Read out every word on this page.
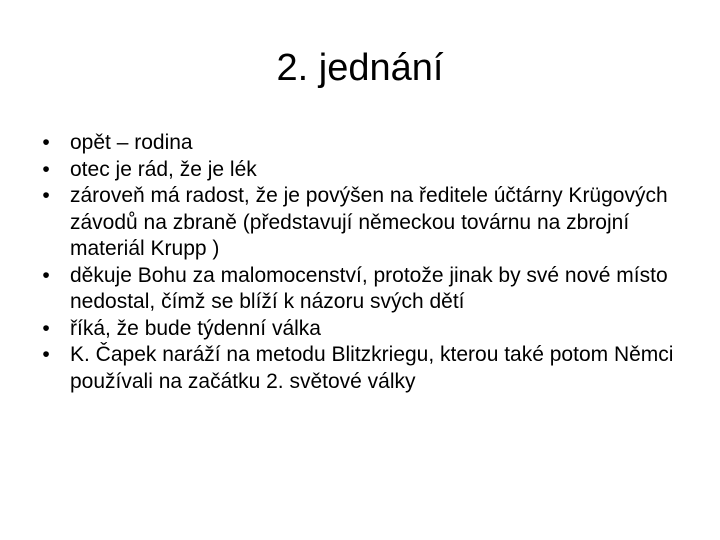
2. jednání
• opět – rodina
• otec je rád, že je lék
• zároveň má radost, že je povýšen na ředitele účtárny Krügových závodů na zbraně (představují německou továrnu na zbrojní materiál Krupp )
• děkuje Bohu za malomocenství, protože jinak by své nové místo nedostal, čímž se blíží k názoru svých dětí
• říká, že bude týdenní válka
• K. Čapek naráží na metodu Blitzkriegu, kterou také potom Němci používali na začátku 2. světové války
